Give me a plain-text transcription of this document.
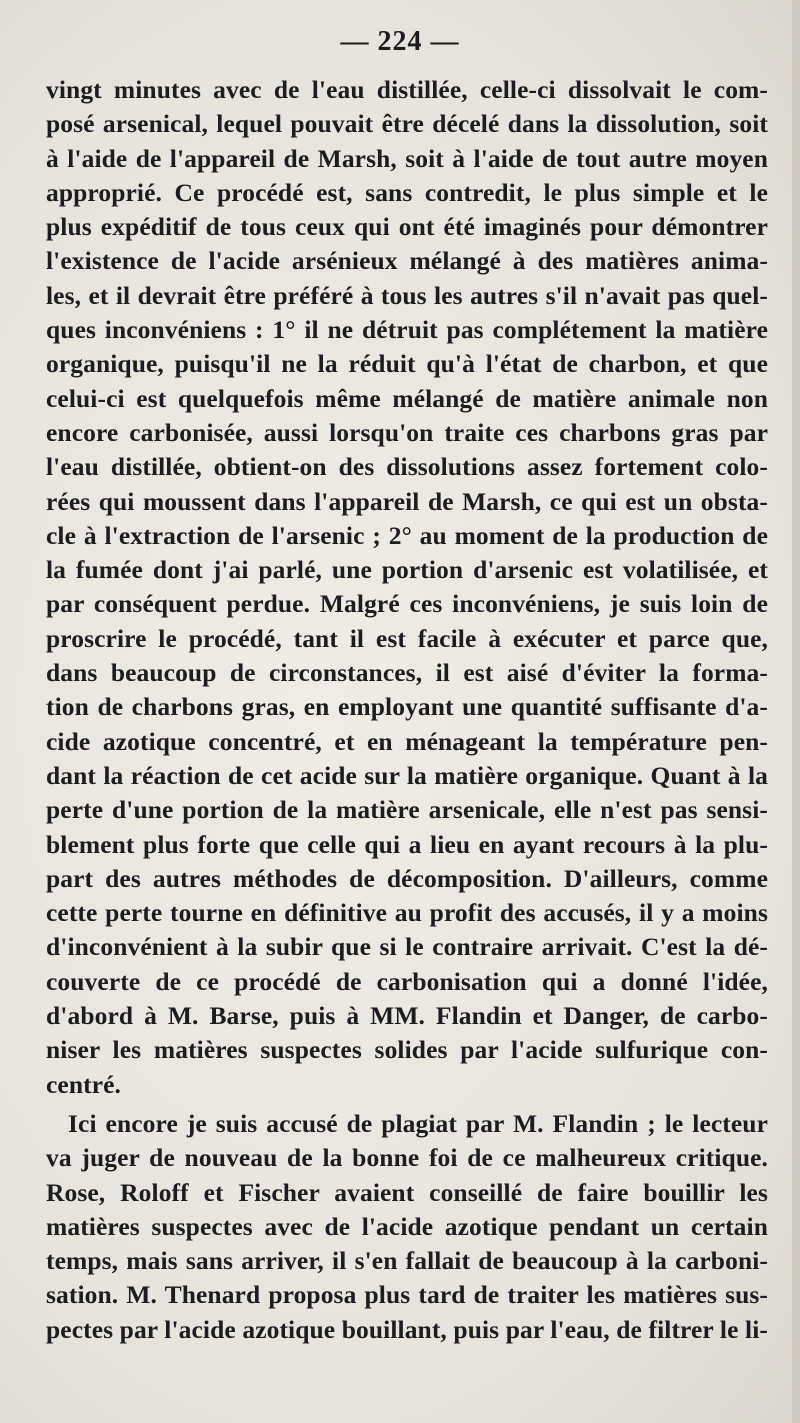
— 224 —
vingt minutes avec de l'eau distillée, celle-ci dissolvait le com-
posé arsenical, lequel pouvait être décelé dans la dissolution, soit
à l'aide de l'appareil de Marsh, soit à l'aide de tout autre moyen
approprié. Ce procédé est, sans contredit, le plus simple et le
plus expéditif de tous ceux qui ont été imaginés pour démontrer
l'existence de l'acide arsénieux mélangé à des matières anima-
les, et il devrait être préféré à tous les autres s'il n'avait pas quel-
ques inconvéniens : 1° il ne détruit pas complétement la matière
organique, puisqu'il ne la réduit qu'à l'état de charbon, et que
celui-ci est quelquefois même mélangé de matière animale non
encore carbonisée, aussi lorsqu'on traite ces charbons gras par
l'eau distillée, obtient-on des dissolutions assez fortement colo-
rées qui moussent dans l'appareil de Marsh, ce qui est un obsta-
cle à l'extraction de l'arsenic ; 2° au moment de la production de
la fumée dont j'ai parlé, une portion d'arsenic est volatilisée, et
par conséquent perdue. Malgré ces inconvéniens, je suis loin de
proscrire le procédé, tant il est facile à exécuter et parce que,
dans beaucoup de circonstances, il est aisé d'éviter la forma-
tion de charbons gras, en employant une quantité suffisante d'a-
cide azotique concentré, et en ménageant la température pen-
dant la réaction de cet acide sur la matière organique. Quant à la
perte d'une portion de la matière arsenicale, elle n'est pas sensi-
blement plus forte que celle qui a lieu en ayant recours à la plu-
part des autres méthodes de décomposition. D'ailleurs, comme
cette perte tourne en définitive au profit des accusés, il y a moins
d'inconvénient à la subir que si le contraire arrivait. C'est la dé-
couverte de ce procédé de carbonisation qui a donné l'idée,
d'abord à M. Barse, puis à MM. Flandin et Danger, de carbo-
niser les matières suspectes solides par l'acide sulfurique con-
centré.
Ici encore je suis accusé de plagiat par M. Flandin ; le lecteur
va juger de nouveau de la bonne foi de ce malheureux critique.
Rose, Roloff et Fischer avaient conseillé de faire bouillir les
matières suspectes avec de l'acide azotique pendant un certain
temps, mais sans arriver, il s'en fallait de beaucoup à la carboni-
sation. M. Thenard proposa plus tard de traiter les matières sus-
pectes par l'acide azotique bouillant, puis par l'eau, de filtrer le li-
